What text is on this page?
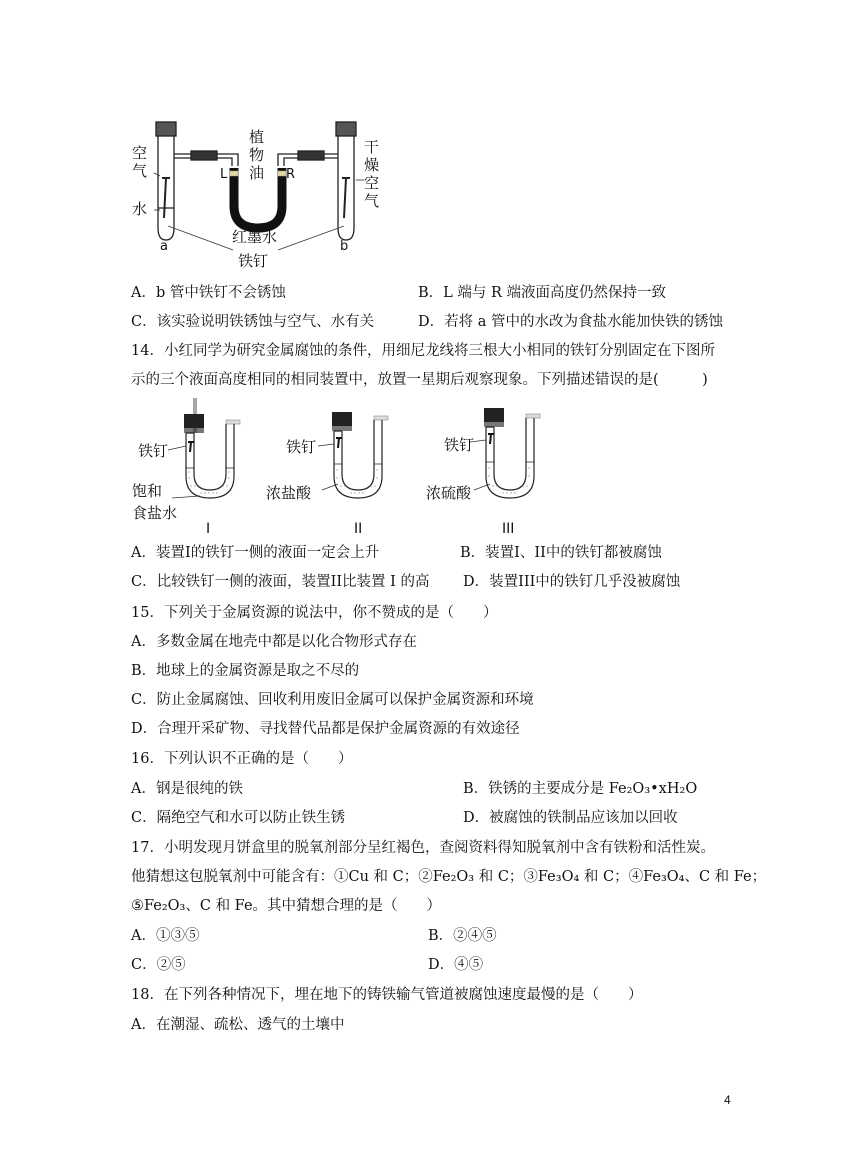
空
气
水
a	b
植
物
油
L	R
干
燥
空
气
红墨水
铁钉
A．b 管中铁钉不会锈蚀	B．L 端与 R 端液面高度仍然保持一致
C．该实验说明铁锈蚀与空气、水有关	D．若将 a 管中的水改为食盐水能加快铁的锈蚀
14．小红同学为研究金属腐蚀的条件，用细尼龙线将三根大小相同的铁钉分别固定在下图所
示的三个液面高度相同的相同装置中，放置一星期后观察现象。下列描述错误的是(　　　)
铁钉
饱和
食盐水
I
铁钉
浓盐酸
II
铁钉
浓硫酸
III
A．装置I的铁钉一侧的液面一定会上升	B．装置I、II中的铁钉都被腐蚀
C．比较铁钉一侧的液面，装置II比装置 I 的高 D．装置III中的铁钉几乎没被腐蚀
15．下列关于金属资源的说法中，你不赞成的是（　　）
A．多数金属在地壳中都是以化合物形式存在
B．地球上的金属资源是取之不尽的
C．防止金属腐蚀、回收利用废旧金属可以保护金属资源和环境
D．合理开采矿物、寻找替代品都是保护金属资源的有效途径
16．下列认识不正确的是（　　）
A．钢是很纯的铁	B．铁锈的主要成分是 Fe₂O₃•xH₂O
C．隔绝空气和水可以防止铁生锈	D．被腐蚀的铁制品应该加以回收
17．小明发现月饼盒里的脱氧剂部分呈红褐色，查阅资料得知脱氧剂中含有铁粉和活性炭。
他猜想这包脱氧剂中可能含有：①Cu 和 C；②Fe₂O₃ 和 C；③Fe₃O₄ 和 C；④Fe₃O₄、C 和 Fe；
⑤Fe₂O₃、C 和 Fe。其中猜想合理的是（　　）
A．①③⑤	B．②④⑤
C．②⑤	D．④⑤
18．在下列各种情况下，埋在地下的铸铁输气管道被腐蚀速度最慢的是（　　）
A．在潮湿、疏松、透气的土壤中
4
